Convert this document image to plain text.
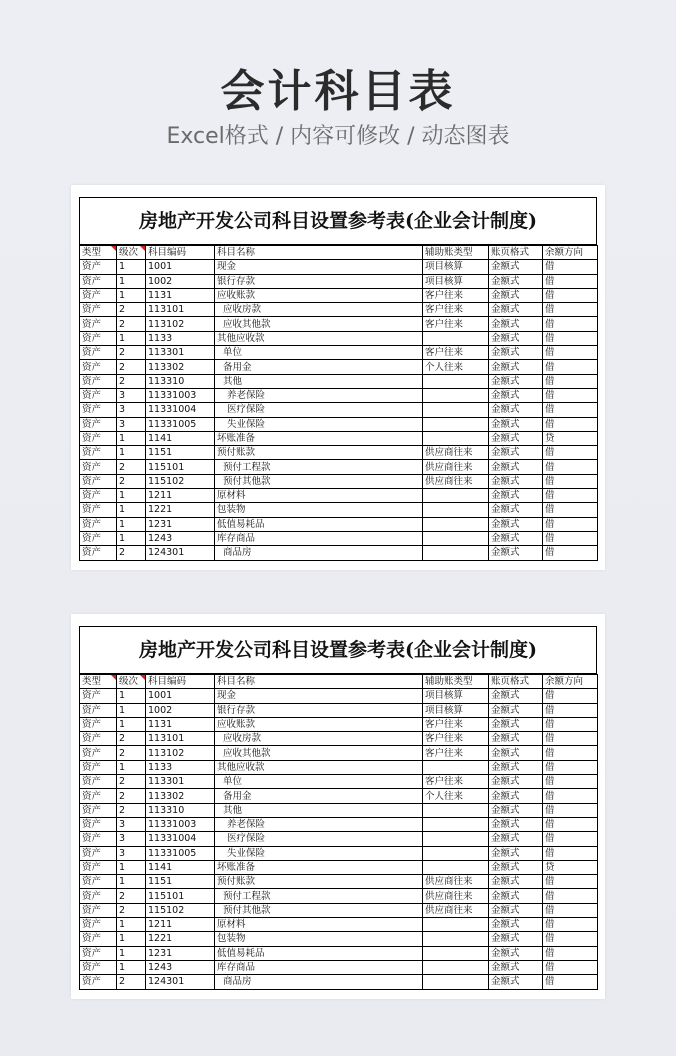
会计科目表
Excel格式 / 内容可修改 / 动态图表
房地产开发公司科目设置参考表(企业会计制度)
类型	级次	科目编码	科目名称	辅助账类型	账页格式	余额方向
资产	1	1001	现金	项目核算	金额式	借
资产	1	1002	银行存款	项目核算	金额式	借
资产	1	1131	应收账款	客户往来	金额式	借
资产	2	113101	应收房款	客户往来	金额式	借
资产	2	113102	应收其他款	客户往来	金额式	借
资产	1	1133	其他应收款		金额式	借
资产	2	113301	单位	客户往来	金额式	借
资产	2	113302	备用金	个人往来	金额式	借
资产	2	113310	其他		金额式	借
资产	3	11331003	养老保险		金额式	借
资产	3	11331004	医疗保险		金额式	借
资产	3	11331005	失业保险		金额式	借
资产	1	1141	坏账准备		金额式	贷
资产	1	1151	预付账款	供应商往来	金额式	借
资产	2	115101	预付工程款	供应商往来	金额式	借
资产	2	115102	预付其他款	供应商往来	金额式	借
资产	1	1211	原材料		金额式	借
资产	1	1221	包装物		金额式	借
资产	1	1231	低值易耗品		金额式	借
资产	1	1243	库存商品		金额式	借
资产	2	124301	商品房		金额式	借
房地产开发公司科目设置参考表(企业会计制度)
类型	级次	科目编码	科目名称	辅助账类型	账页格式	余额方向
资产	1	1001	现金	项目核算	金额式	借
资产	1	1002	银行存款	项目核算	金额式	借
资产	1	1131	应收账款	客户往来	金额式	借
资产	2	113101	应收房款	客户往来	金额式	借
资产	2	113102	应收其他款	客户往来	金额式	借
资产	1	1133	其他应收款		金额式	借
资产	2	113301	单位	客户往来	金额式	借
资产	2	113302	备用金	个人往来	金额式	借
资产	2	113310	其他		金额式	借
资产	3	11331003	养老保险		金额式	借
资产	3	11331004	医疗保险		金额式	借
资产	3	11331005	失业保险		金额式	借
资产	1	1141	坏账准备		金额式	贷
资产	1	1151	预付账款	供应商往来	金额式	借
资产	2	115101	预付工程款	供应商往来	金额式	借
资产	2	115102	预付其他款	供应商往来	金额式	借
资产	1	1211	原材料		金额式	借
资产	1	1221	包装物		金额式	借
资产	1	1231	低值易耗品		金额式	借
资产	1	1243	库存商品		金额式	借
资产	2	124301	商品房		金额式	借
